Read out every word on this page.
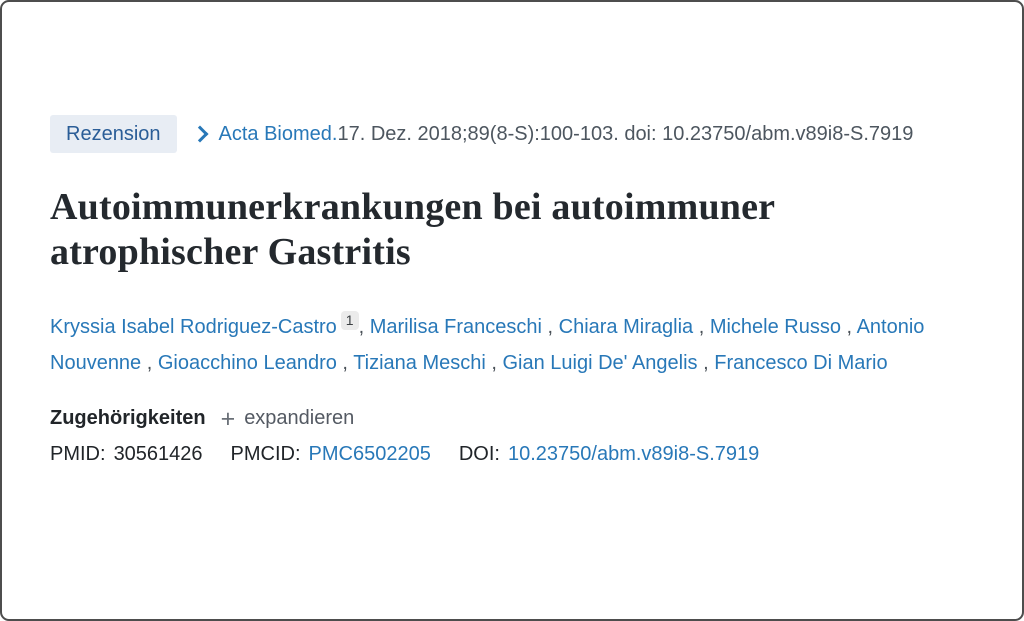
Rezension	Acta Biomed. 17. Dez. 2018;89(8-S):100-103. doi: 10.23750/abm.v89i8-S.7919
Autoimmunerkrankungen bei autoimmuner atrophischer Gastritis
Kryssia Isabel Rodriguez-Castro 1 , Marilisa Franceschi , Chiara Miraglia , Michele Russo , Antonio Nouvenne , Gioacchino Leandro , Tiziana Meschi , Gian Luigi De' Angelis , Francesco Di Mario
Zugehörigkeiten + expandieren
PMID: 30561426 PMCID: PMC6502205 DOI: 10.23750/abm.v89i8-S.7919
